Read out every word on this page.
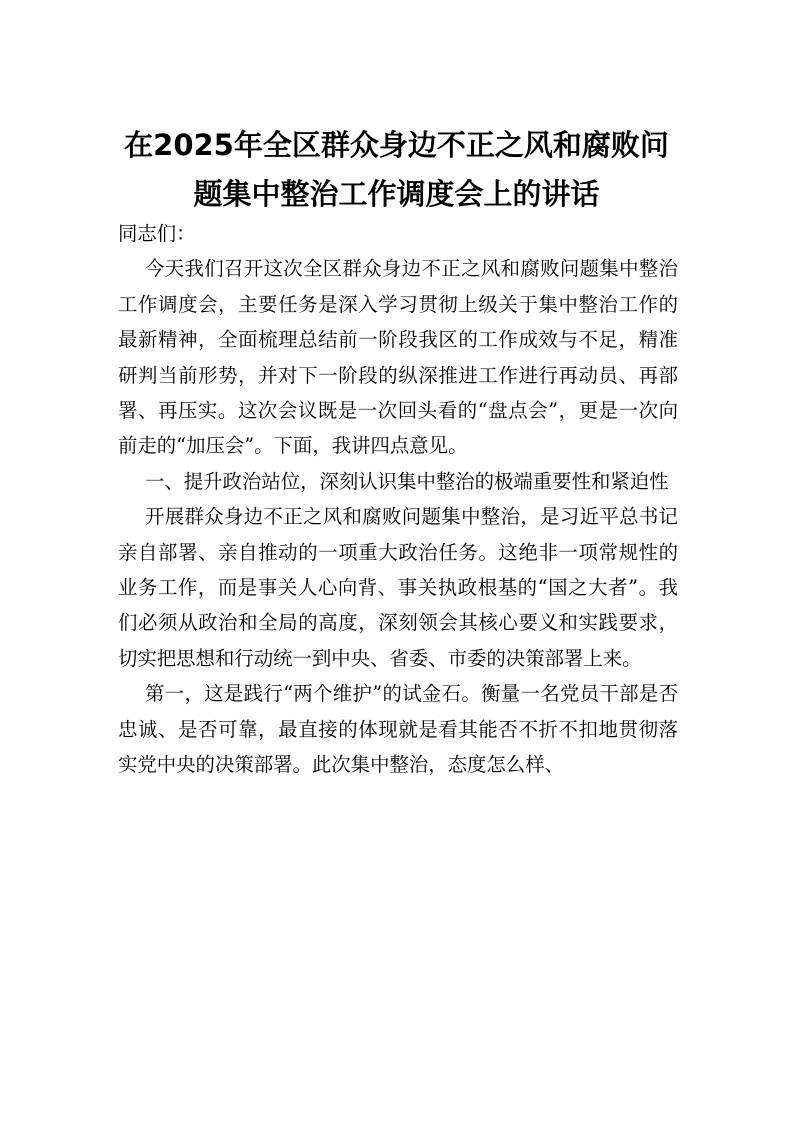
在2025年全区群众身边不正之风和腐败问
题集中整治工作调度会上的讲话

同志们：

今天我们召开这次全区群众身边不正之风和腐败问题集中整治工作调度会，主要任务是深入学习贯彻上级关于集中整治工作的最新精神，全面梳理总结前一阶段我区的工作成效与不足，精准研判当前形势，并对下一阶段的纵深推进工作进行再动员、再部署、再压实。这次会议既是一次回头看的“盘点会”，更是一次向前走的“加压会”。下面，我讲四点意见。

一、提升政治站位，深刻认识集中整治的极端重要性和紧迫性

开展群众身边不正之风和腐败问题集中整治，是习近平总书记亲自部署、亲自推动的一项重大政治任务。这绝非一项常规性的业务工作，而是事关人心向背、事关执政根基的“国之大者”。我们必须从政治和全局的高度，深刻领会其核心要义和实践要求，切实把思想和行动统一到中央、省委、市委的决策部署上来。

第一，这是践行“两个维护”的试金石。衡量一名党员干部是否忠诚、是否可靠，最直接的体现就是看其能否不折不扣地贯彻落实党中央的决策部署。此次集中整治，态度怎么样、
